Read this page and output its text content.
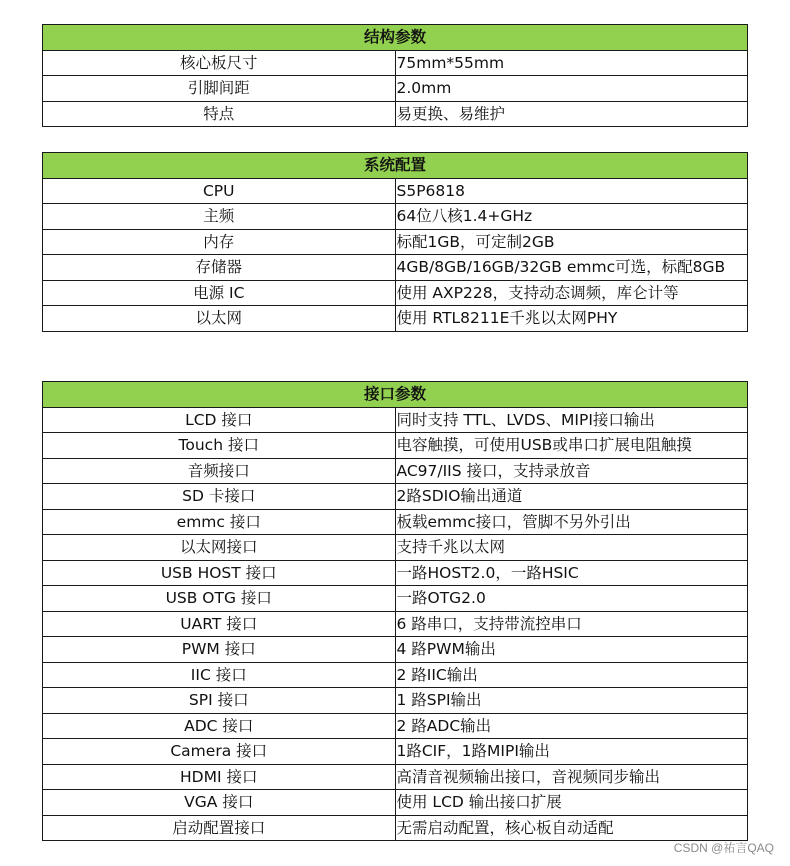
结构参数	
核心板尺寸	75mm*55mm
引脚间距	2.0mm
特点	易更换、易维护
系统配置	
CPU	S5P6818
主频	64位八核1.4+GHz
内存	标配1GB，可定制2GB
存储器	4GB/8GB/16GB/32GB emmc可选，标配8GB
电源 IC	使用 AXP228，支持动态调频，库仑计等
以太网	使用 RTL8211E千兆以太网PHY
接口参数	
LCD 接口	同时支持 TTL、LVDS、MIPI接口输出
Touch 接口	电容触摸，可使用USB或串口扩展电阻触摸
音频接口	AC97/IIS 接口，支持录放音
SD 卡接口	2路SDIO输出通道
emmc 接口	板载emmc接口，管脚不另外引出
以太网接口	支持千兆以太网
USB HOST 接口	一路HOST2.0，一路HSIC
USB OTG 接口	一路OTG2.0
UART 接口	6 路串口，支持带流控串口
PWM 接口	4 路PWM输出
IIC 接口	2 路IIC输出
SPI 接口	1 路SPI输出
ADC 接口	2 路ADC输出
Camera 接口	1路CIF，1路MIPI输出
HDMI 接口	高清音视频输出接口，音视频同步输出
VGA 接口	使用 LCD 输出接口扩展
启动配置接口	无需启动配置，核心板自动适配
CSDN @祐言QAQ
